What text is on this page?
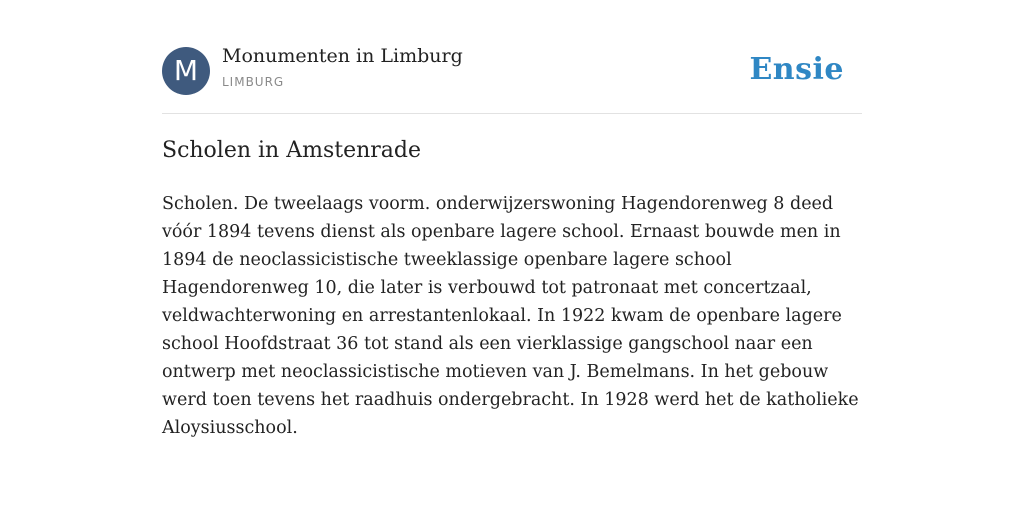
M	Monumenten in Limburg
LIMBURG	Ensie
Scholen in Amstenrade

Scholen. De tweelaags voorm. onderwijzerswoning Hagendorenweg 8 deed vóór 1894 tevens dienst als openbare lagere school. Ernaast bouwde men in 1894 de neoclassicistische tweeklassige openbare lagere school Hagendorenweg 10, die later is verbouwd tot patronaat met concertzaal, veldwachterwoning en arrestantenlokaal. In 1922 kwam de openbare lagere school Hoofdstraat 36 tot stand als een vierklassige gangschool naar een ontwerp met neoclassicistische motieven van J. Bemelmans. In het gebouw werd toen tevens het raadhuis ondergebracht. In 1928 werd het de katholieke Aloysiusschool.
